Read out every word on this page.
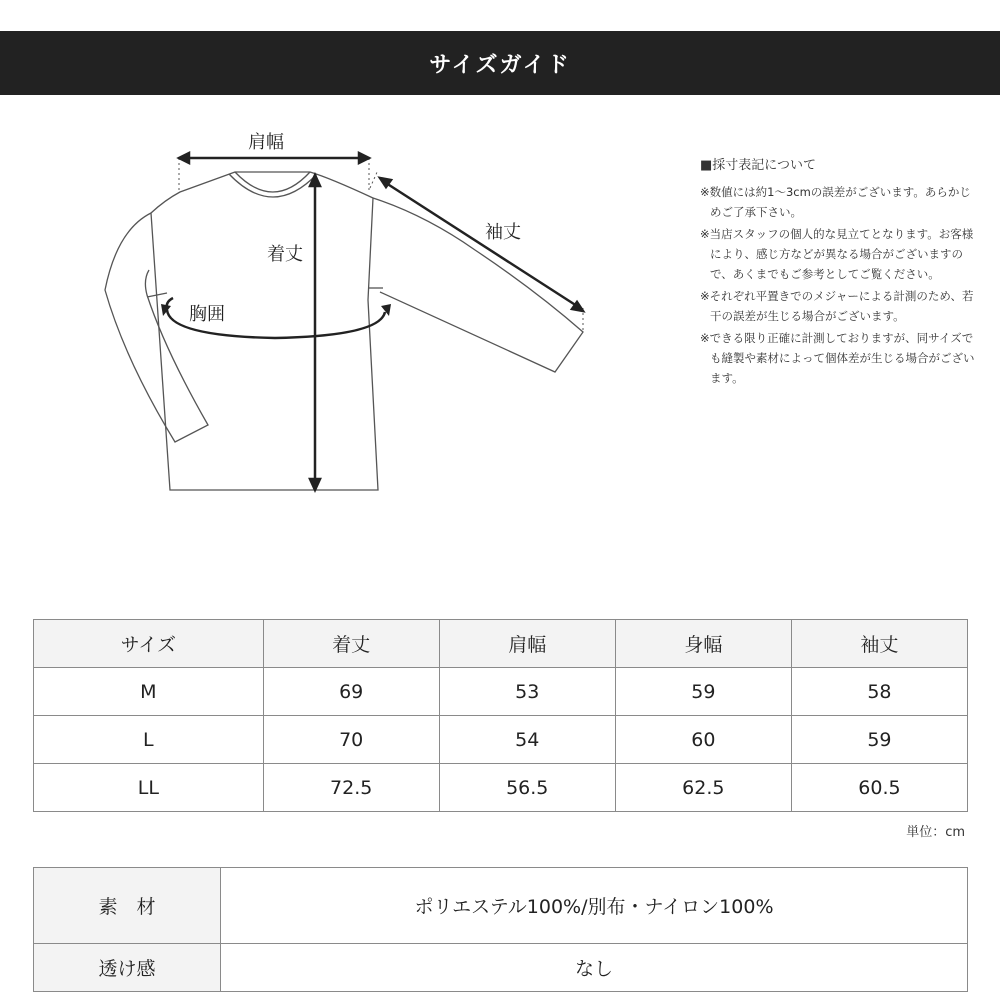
サイズガイド
肩幅
着丈
袖丈
胸囲
■採寸表記について
※数値には約1〜3cmの誤差がございます。あらかじめご了承下さい。
※当店スタッフの個人的な見立てとなります。お客様により、感じ方などが異なる場合がございますので、あくまでもご参考としてご覧ください。
※それぞれ平置きでのメジャーによる計測のため、若干の誤差が生じる場合がございます。
※できる限り正確に計測しておりますが、同サイズでも縫製や素材によって個体差が生じる場合がございます。
サイズ	着丈	肩幅	身幅	袖丈
M	69	53	59	58
L	70	54	60	59
LL	72.5	56.5	62.5	60.5
単位：cm
素　材	ポリエステル100%/別布・ナイロン100%
透け感	なし
